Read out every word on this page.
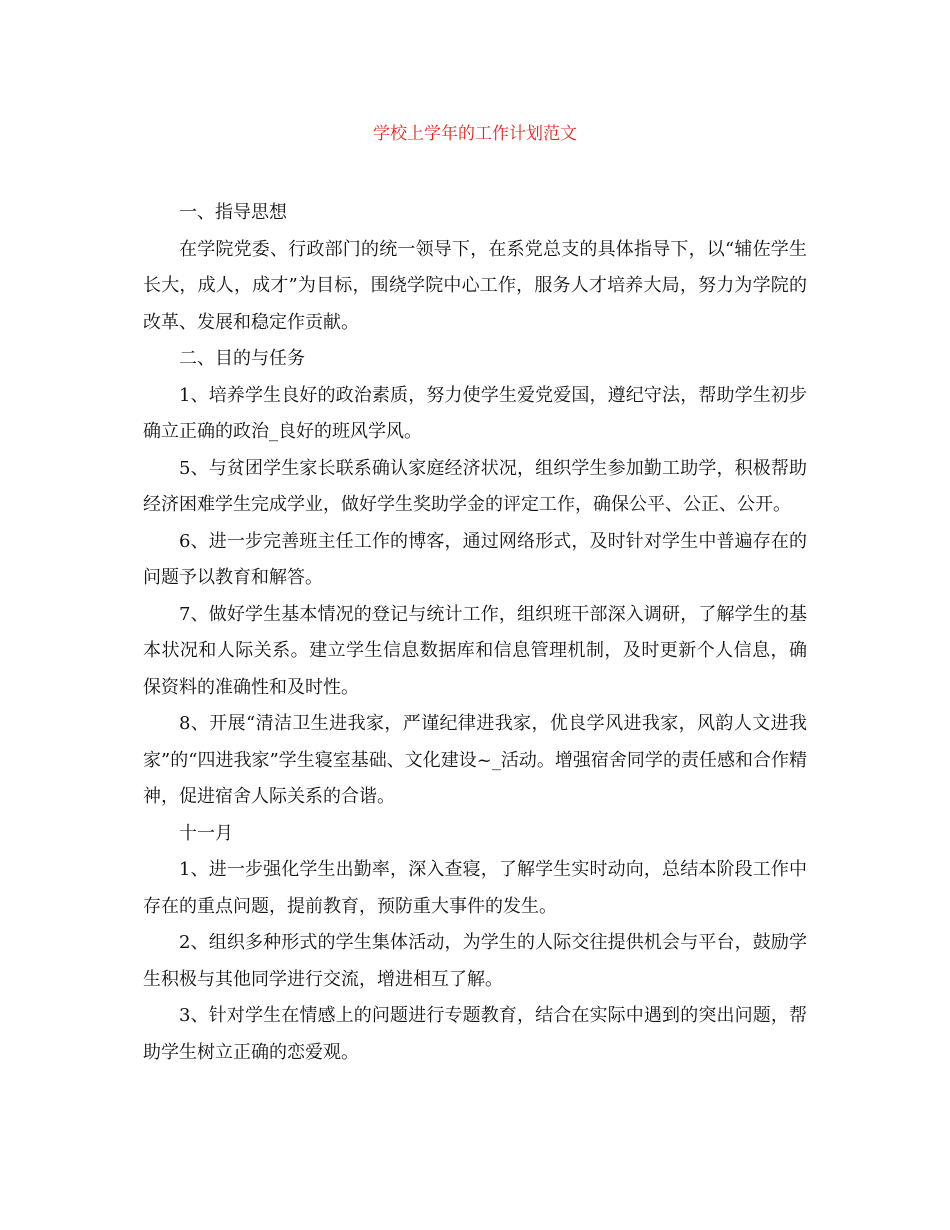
学校上学年的工作计划范文

一、指导思想

在学院党委、行政部门的统一领导下，在系党总支的具体指导下，以“辅佐学生长大，成人，成才”为目标，围绕学院中心工作，服务人才培养大局，努力为学院的改革、发展和稳定作贡献。

二、目的与任务

1、培养学生良好的政治素质，努力使学生爱党爱国，遵纪守法，帮助学生初步确立正确的政治_良好的班风学风。

5、与贫团学生家长联系确认家庭经济状况，组织学生参加勤工助学，积极帮助经济困难学生完成学业，做好学生奖助学金的评定工作，确保公平、公正、公开。

6、进一步完善班主任工作的博客，通过网络形式，及时针对学生中普遍存在的问题予以教育和解答。

7、做好学生基本情况的登记与统计工作，组织班干部深入调研，了解学生的基本状况和人际关系。建立学生信息数据库和信息管理机制，及时更新个人信息，确保资料的准确性和及时性。

8、开展“清洁卫生进我家，严谨纪律进我家，优良学风进我家，风韵人文进我家”的“四进我家”学生寝室基础、文化建设~_活动。增强宿舍同学的责任感和合作精神，促进宿舍人际关系的合谐。

十一月

1、进一步强化学生出勤率，深入查寝，了解学生实时动向，总结本阶段工作中存在的重点问题，提前教育，预防重大事件的发生。

2、组织多种形式的学生集体活动，为学生的人际交往提供机会与平台，鼓励学生积极与其他同学进行交流，增进相互了解。

3、针对学生在情感上的问题进行专题教育，结合在实际中遇到的突出问题，帮助学生树立正确的恋爱观。
